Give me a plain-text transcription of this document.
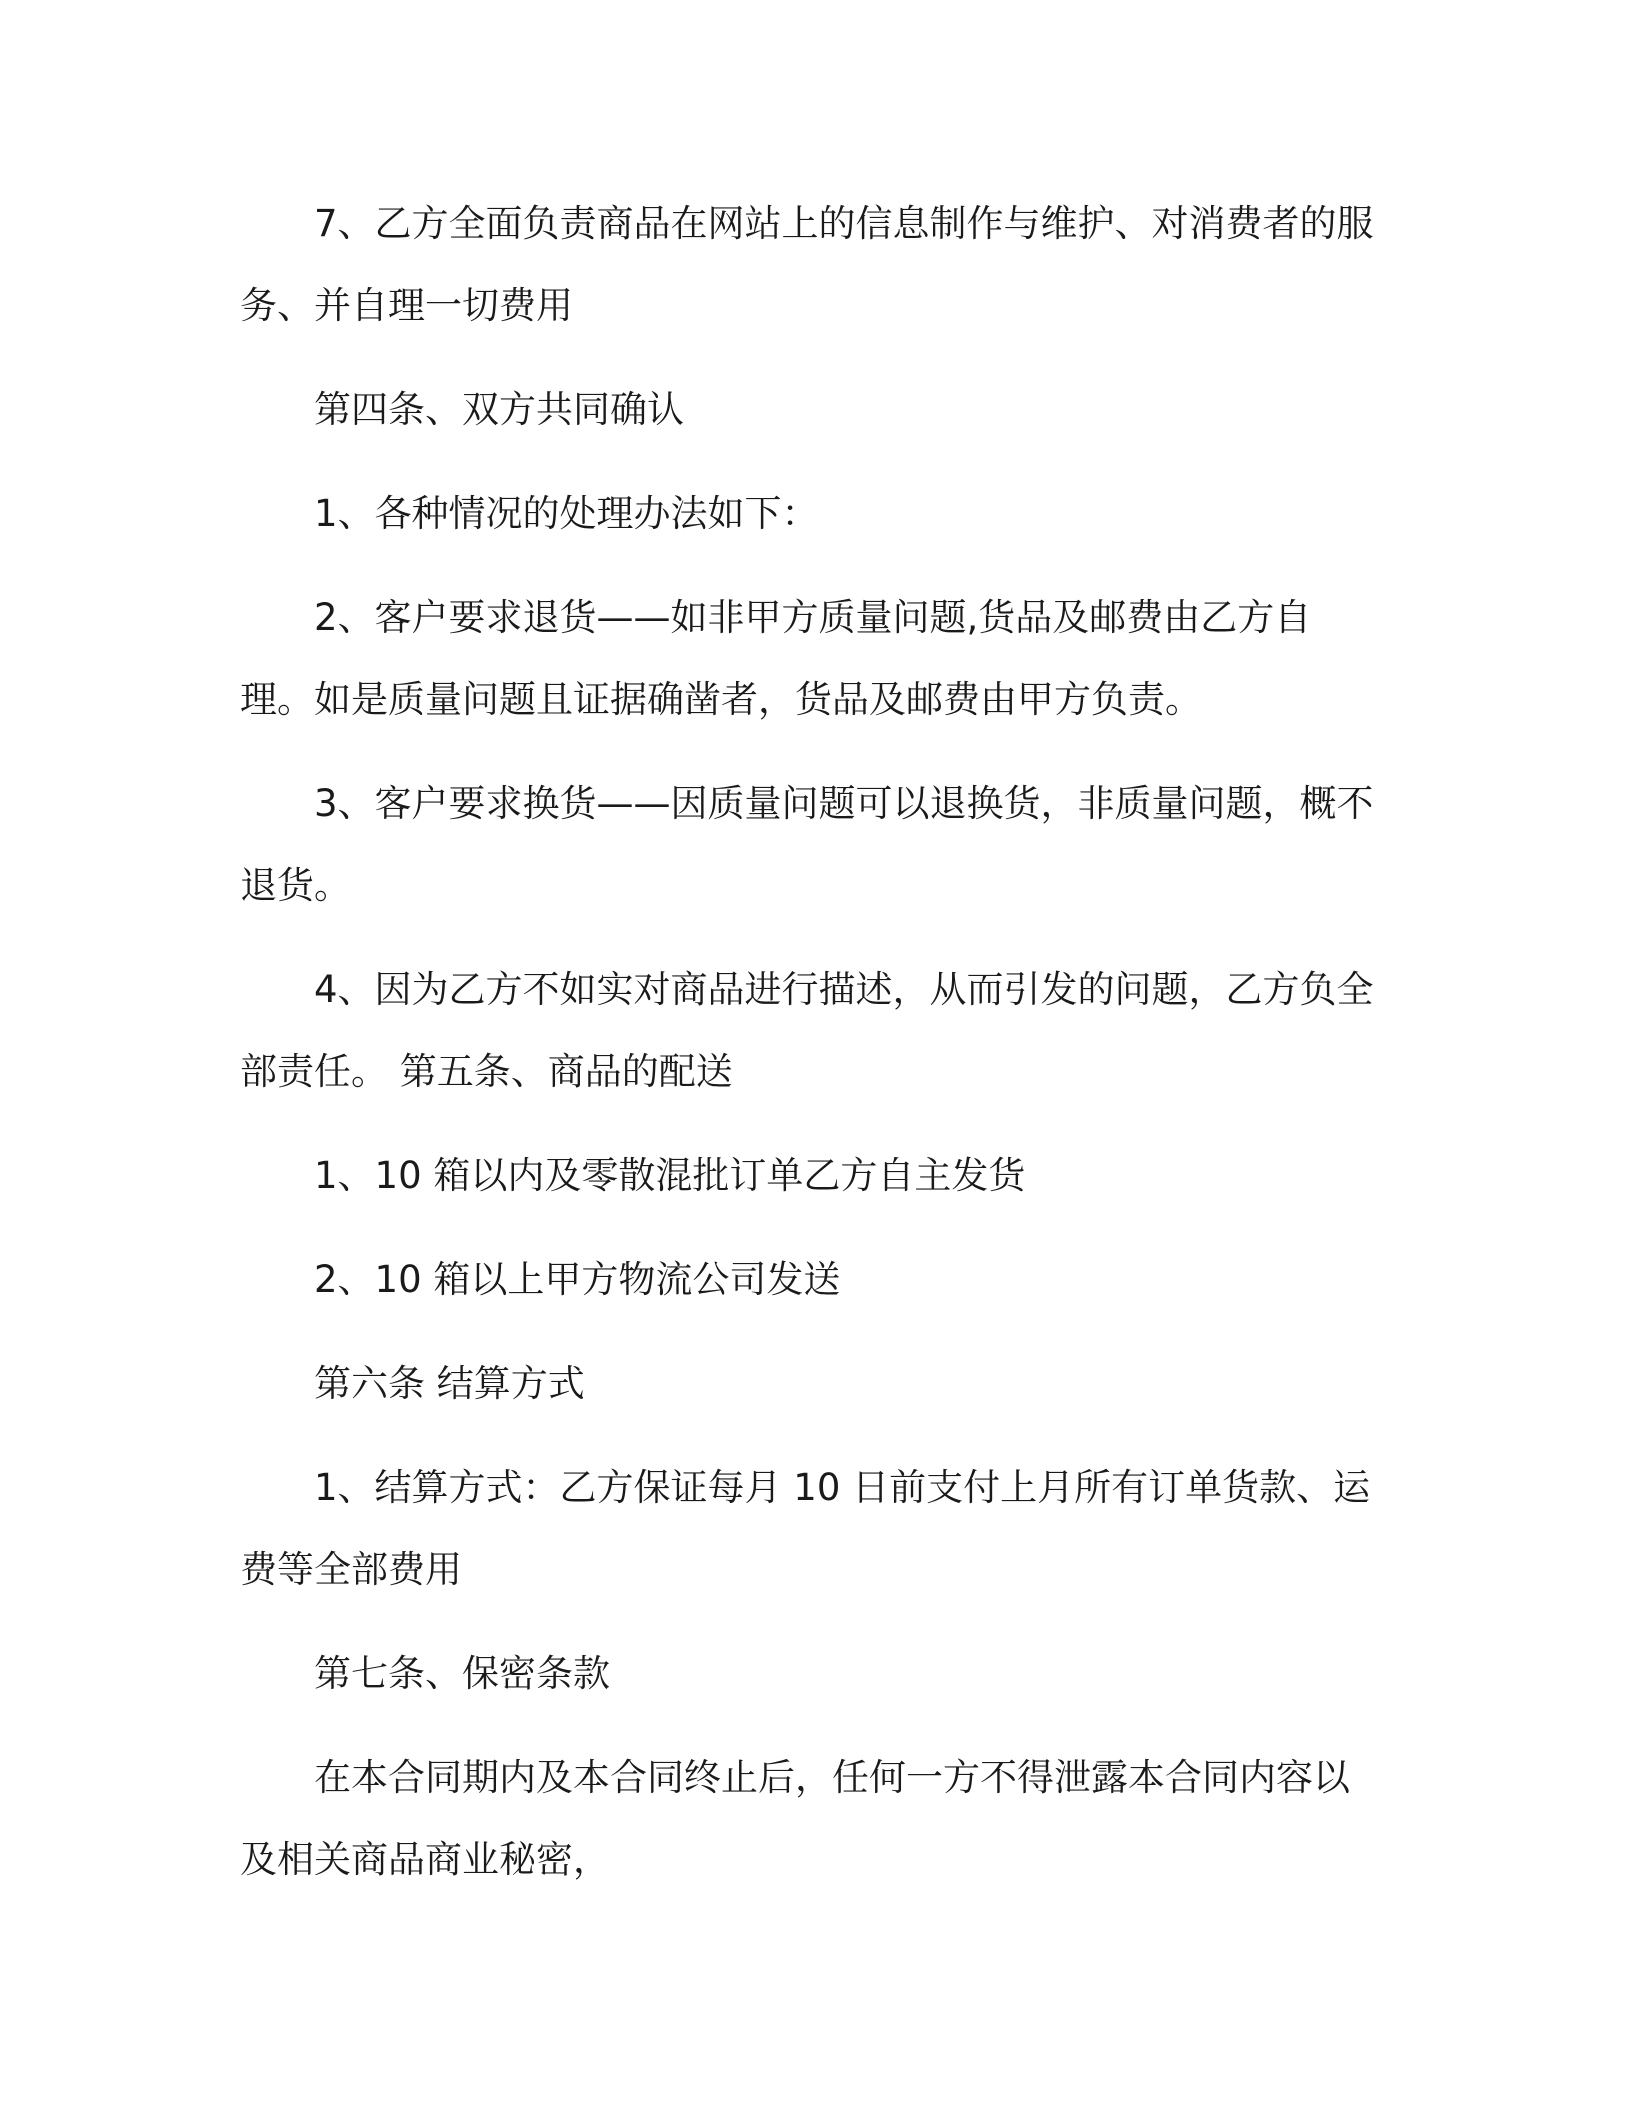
7、乙方全面负责商品在网站上的信息制作与维护、对消费者的服务、并自理一切费用

第四条、双方共同确认

1、各种情况的处理办法如下：

2、客户要求退货——如非甲方质量问题,货品及邮费由乙方自理。如是质量问题且证据确凿者，货品及邮费由甲方负责。

3、客户要求换货——因质量问题可以退换货，非质量问题，概不退货。

4、因为乙方不如实对商品进行描述，从而引发的问题，乙方负全部责任。 第五条、商品的配送

1、10 箱以内及零散混批订单乙方自主发货

2、10 箱以上甲方物流公司发送

第六条 结算方式

1、结算方式：乙方保证每月 10 日前支付上月所有订单货款、运费等全部费用

第七条、保密条款

在本合同期内及本合同终止后，任何一方不得泄露本合同内容以及相关商品商业秘密，
